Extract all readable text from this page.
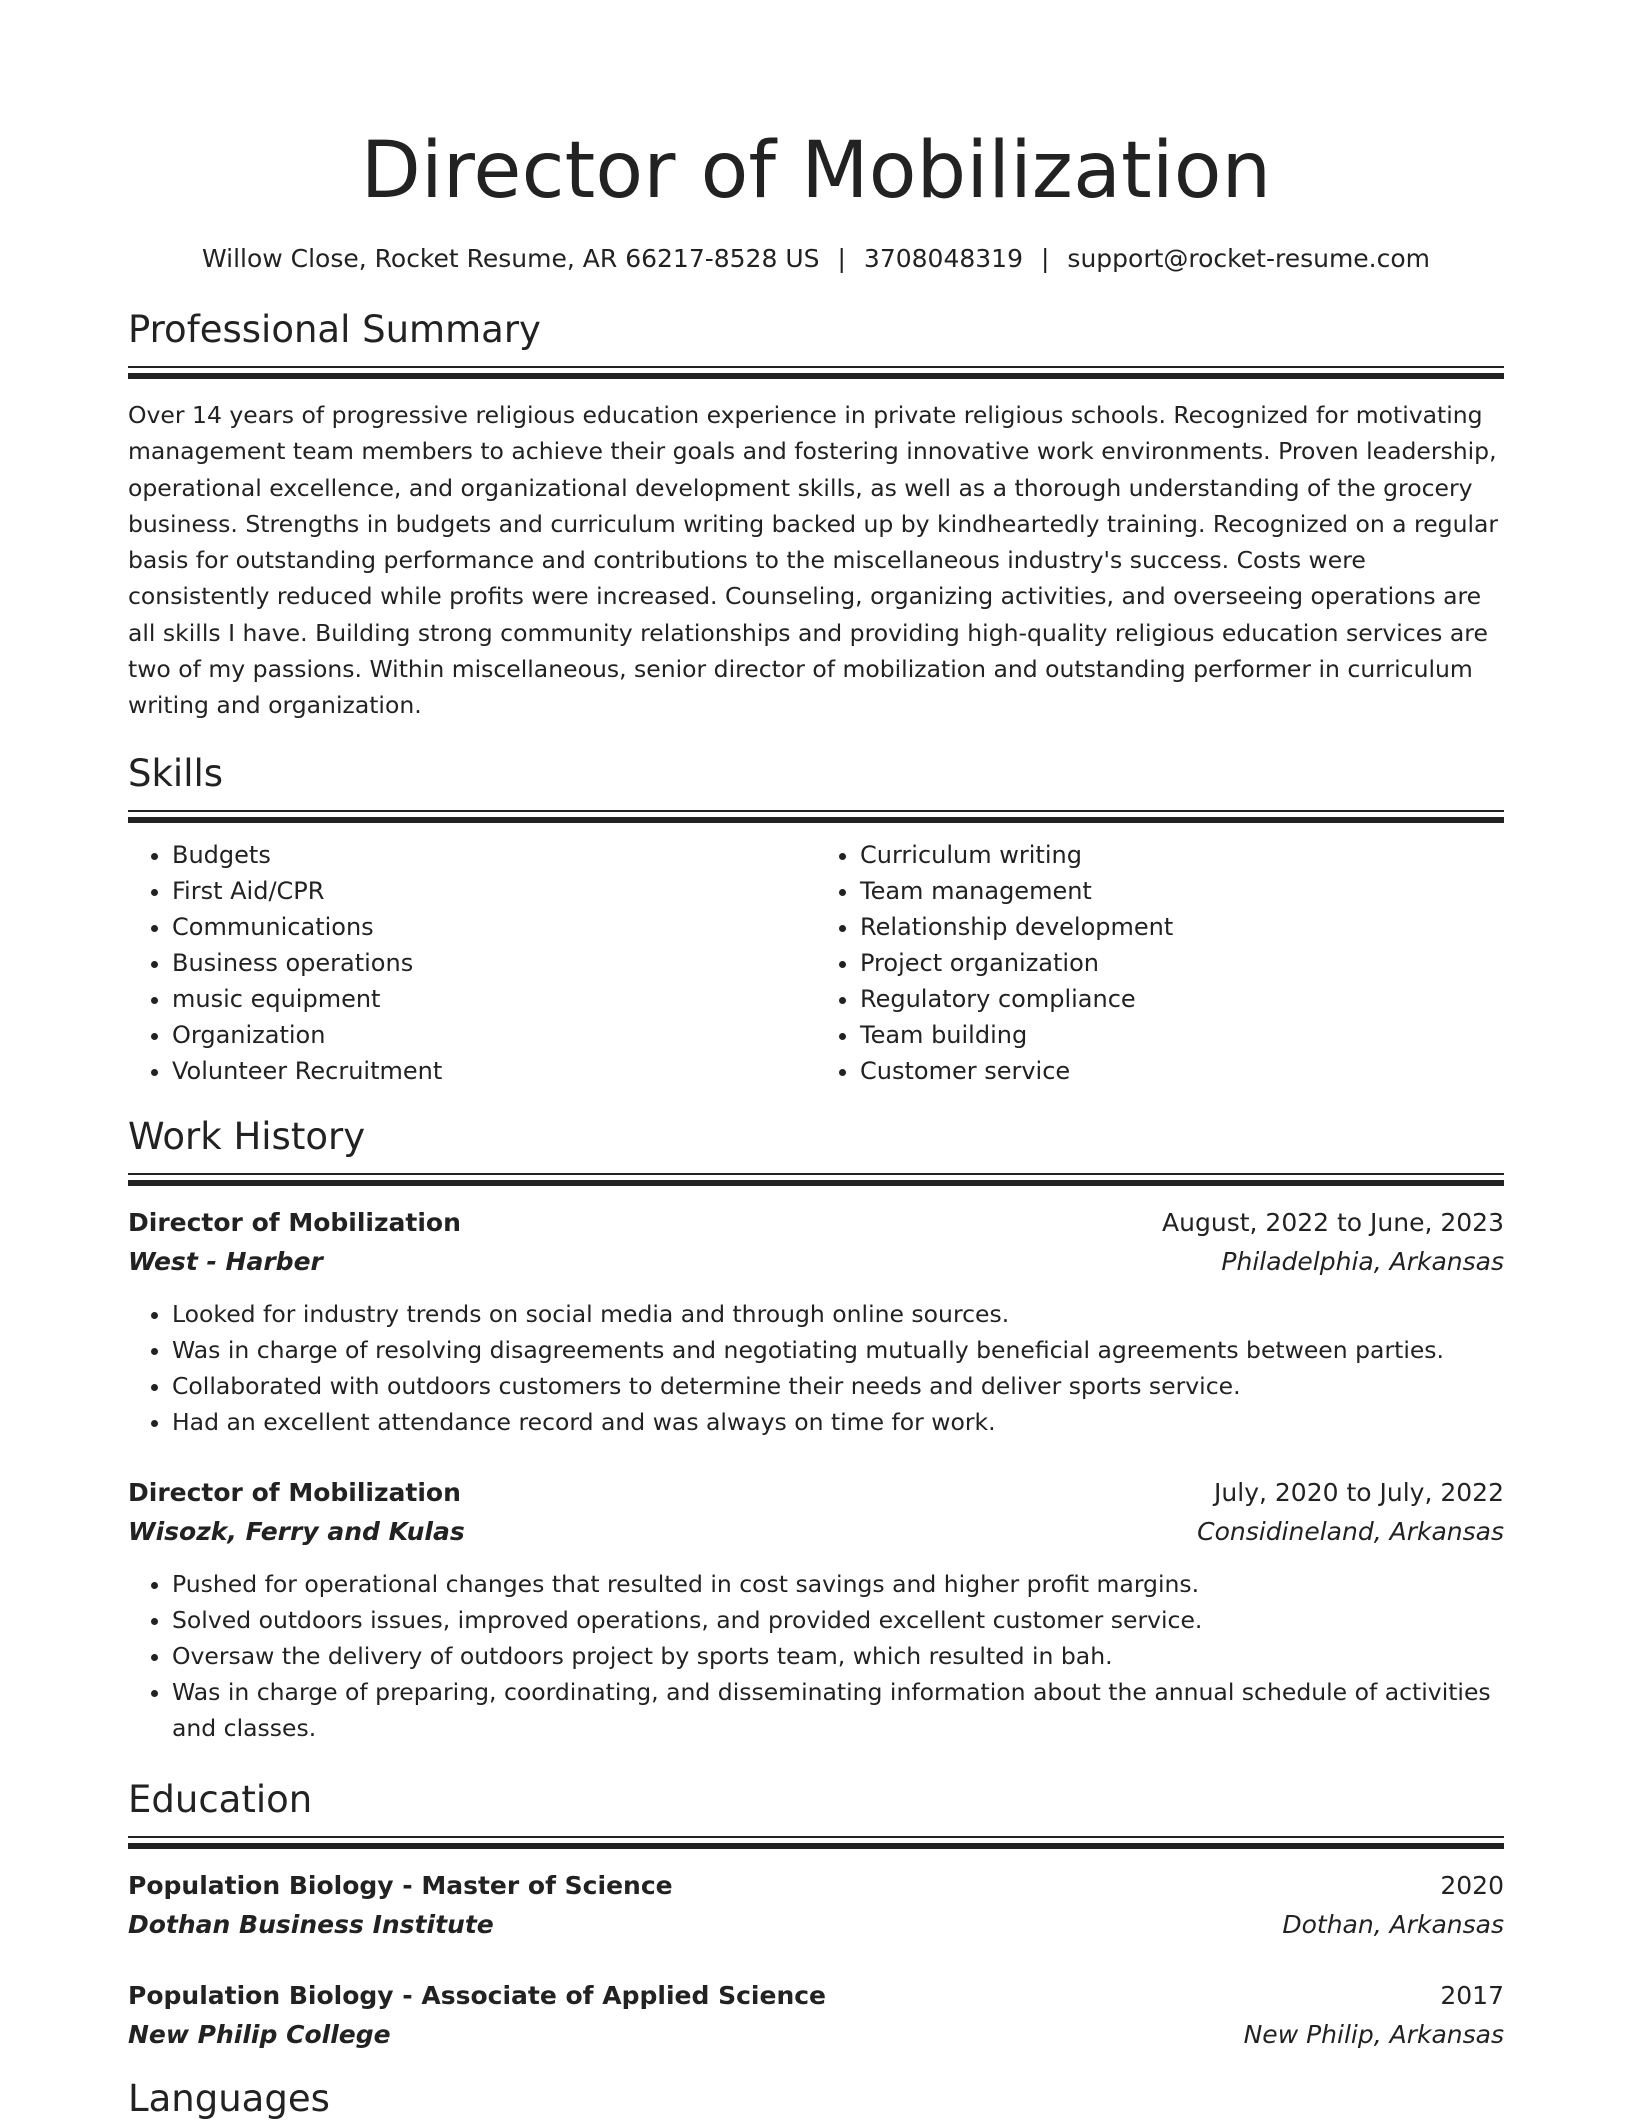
Director of Mobilization
Willow Close, Rocket Resume, AR 66217-8528 US | 3708048319 | support@rocket-resume.com
Professional Summary
Over 14 years of progressive religious education experience in private religious schools. Recognized for motivating management team members to achieve their goals and fostering innovative work environments. Proven leadership, operational excellence, and organizational development skills, as well as a thorough understanding of the grocery business. Strengths in budgets and curriculum writing backed up by kindheartedly training. Recognized on a regular basis for outstanding performance and contributions to the miscellaneous industry's success. Costs were consistently reduced while profits were increased. Counseling, organizing activities, and overseeing operations are all skills I have. Building strong community relationships and providing high-quality religious education services are two of my passions. Within miscellaneous, senior director of mobilization and outstanding performer in curriculum writing and organization.
Skills
• Budgets
• First Aid/CPR
• Communications
• Business operations
• music equipment
• Organization
• Volunteer Recruitment
• Curriculum writing
• Team management
• Relationship development
• Project organization
• Regulatory compliance
• Team building
• Customer service
Work History
Director of Mobilization	August, 2022 to June, 2023
West - Harber	Philadelphia, Arkansas
• Looked for industry trends on social media and through online sources.
• Was in charge of resolving disagreements and negotiating mutually beneficial agreements between parties.
• Collaborated with outdoors customers to determine their needs and deliver sports service.
• Had an excellent attendance record and was always on time for work.
Director of Mobilization	July, 2020 to July, 2022
Wisozk, Ferry and Kulas	Considineland, Arkansas
• Pushed for operational changes that resulted in cost savings and higher profit margins.
• Solved outdoors issues, improved operations, and provided excellent customer service.
• Oversaw the delivery of outdoors project by sports team, which resulted in bah.
• Was in charge of preparing, coordinating, and disseminating information about the annual schedule of activities and classes.
Education
Population Biology - Master of Science	2020
Dothan Business Institute	Dothan, Arkansas
Population Biology - Associate of Applied Science	2017
New Philip College	New Philip, Arkansas
Languages
